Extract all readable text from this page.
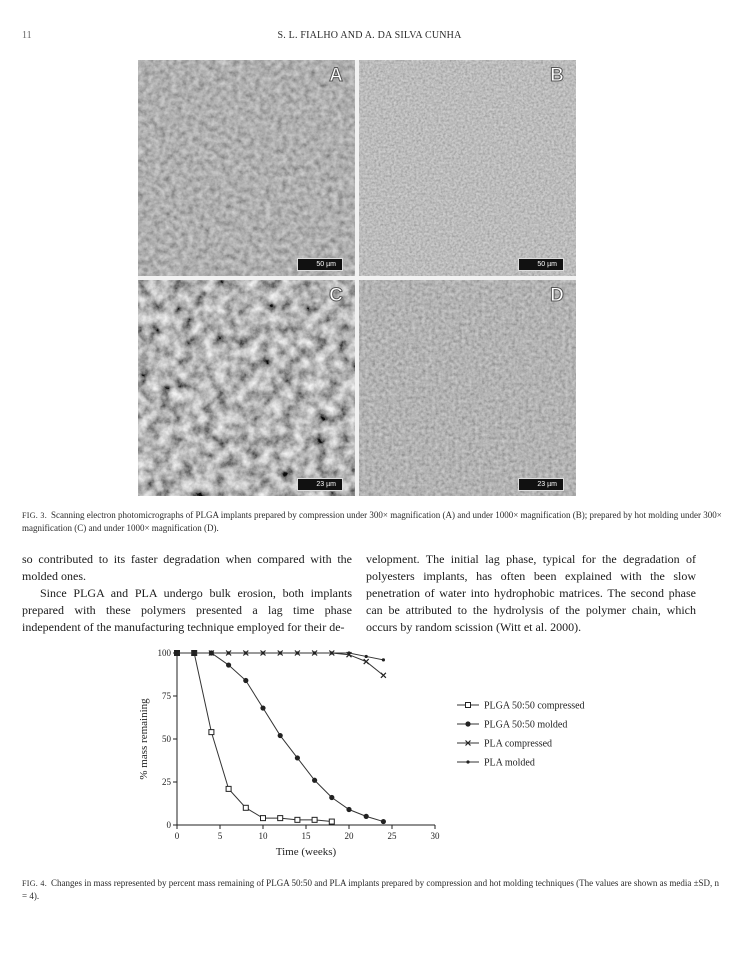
11	S. L. FIALHO AND A. DA SILVA CUNHA
A
50 µm
B
50 µm
C
23 µm
D
23 µm
FIG. 3. Scanning electron photomicrographs of PLGA implants prepared by compression under 300× magnification (A) and under 1000× magnification (B); prepared by hot molding under 300× magnification (C) and under 1000× magnification (D).

so contributed to its faster degradation when compared with the molded ones.

Since PLGA and PLA undergo bulk erosion, both implants prepared with these polymers presented a lag time phase independent of the manufacturing technique employed for their de-

velopment. The initial lag phase, typical for the degradation of polyesters implants, has often been explained with the slow penetration of water into hydrophobic matrices. The second phase can be attributed to the hydrolysis of the polymer chain, which occurs by random scission (Witt et al. 2000).

0
25
50
75
100
0	5	10	15	20	25	30
Time (weeks)
% mass remaining	PLGA 50:50 compressed
PLGA 50:50 molded
PLA compressed
PLA molded
FIG. 4. Changes in mass represented by percent mass remaining of PLGA 50:50 and PLA implants prepared by compression and hot molding techniques (The values are shown as media ±SD, n = 4).
